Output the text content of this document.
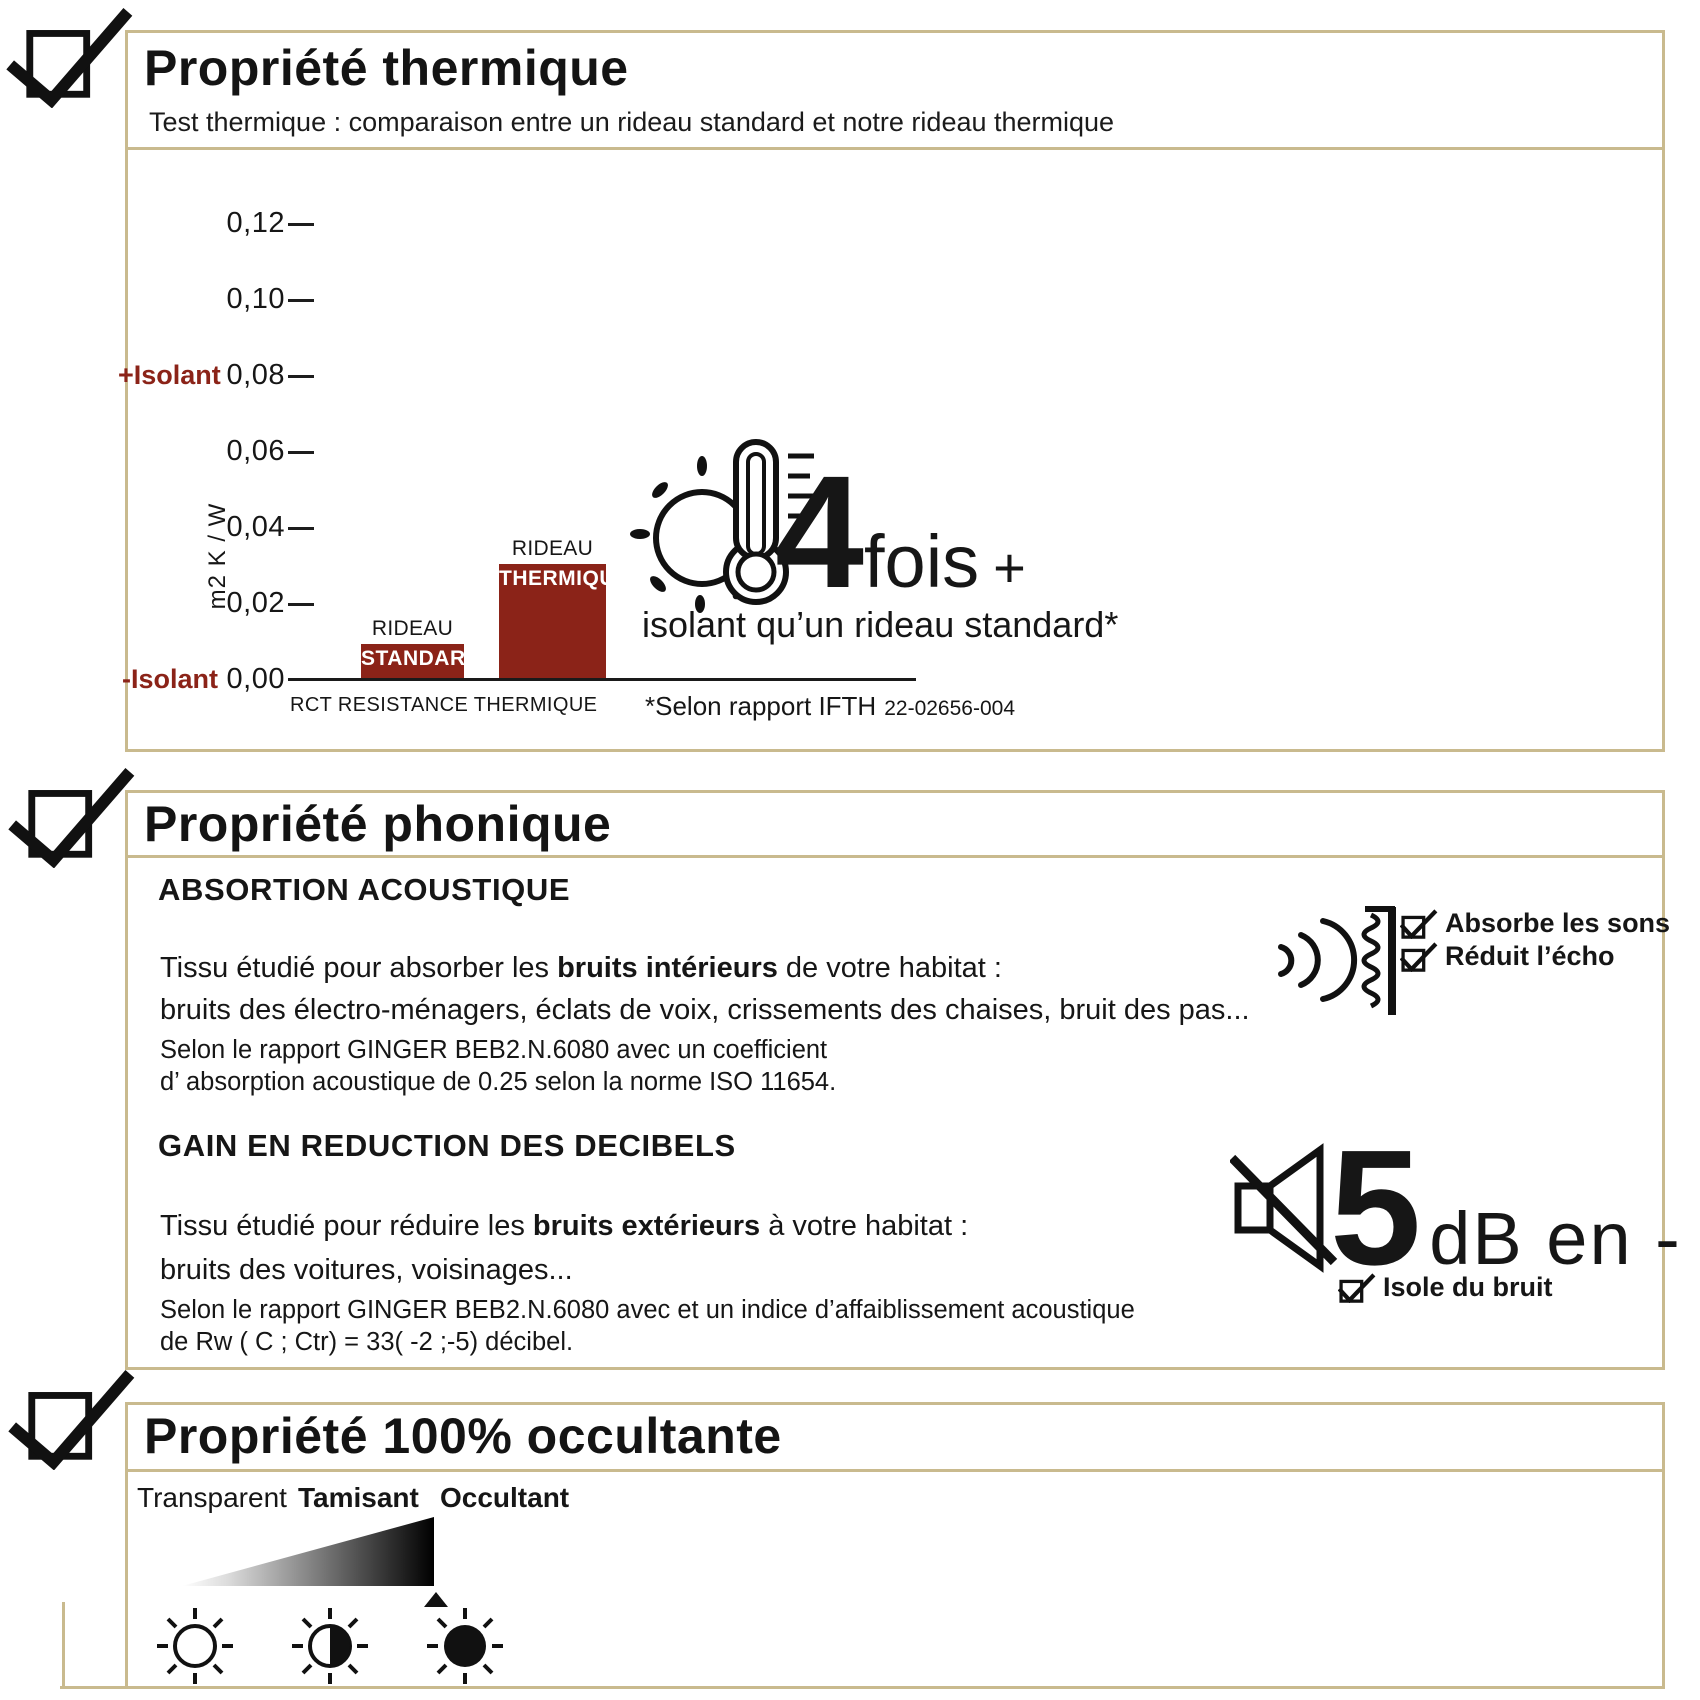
Propriété thermique
Test thermique : comparaison entre un rideau standard et notre rideau thermique
+Isolant
-Isolant
m2 K / W
RCT RESISTANCE THERMIQUE *Selon rapport IFTH 22-02656-004
4 fois +
isolant qu’un rideau standard*
0,12
0,10
0,08
0,06
0,04
0,02
0,00
RIDEAU
STANDARD
RIDEAU
THERMIQUE
Propriété phonique
ABSORTION ACOUSTIQUE
Tissu étudié pour absorber les bruits intérieurs de votre habitat :
bruits des électro-ménagers, éclats de voix, crissements des chaises, bruit des pas...
Selon le rapport GINGER BEB2.N.6080 avec un coefficient
d’ absorption acoustique de 0.25 selon la norme ISO 11654.
Absorbe les sons
Réduit l’écho
GAIN EN REDUCTION DES DECIBELS
Tissu étudié pour réduire les bruits extérieurs à votre habitat :
bruits des voitures, voisinages...
Selon le rapport GINGER BEB2.N.6080 avec et un indice d’affaiblissement acoustique
de Rw ( C ; Ctr) = 33( -2 ;-5) décibel.
5 dB en -
Isole du bruit
Propriété 100% occultante
Transparent Tamisant Occultant
